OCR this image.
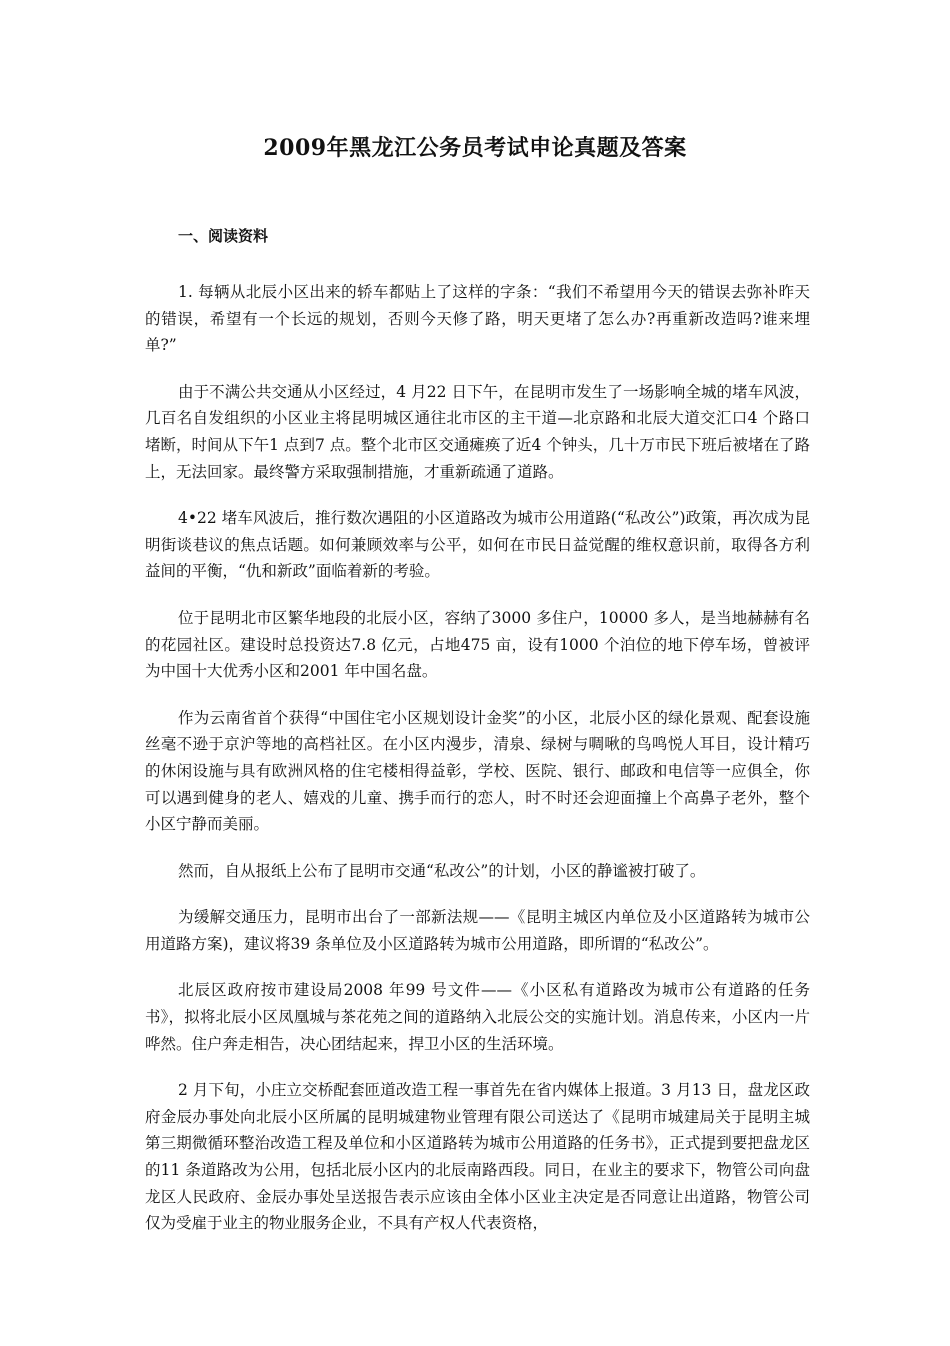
2009年黑龙江公务员考试申论真题及答案
一、阅读资料

1. 每辆从北辰小区出来的轿车都贴上了这样的字条：“我们不希望用今天的错误去弥补昨天的错误，希望有一个长远的规划，否则今天修了路，明天更堵了怎么办?再重新改造吗?谁来埋单?”

由于不满公共交通从小区经过，4 月22 日下午，在昆明市发生了一场影响全城的堵车风波，几百名自发组织的小区业主将昆明城区通往北市区的主干道—北京路和北辰大道交汇口4 个路口堵断，时间从下午1 点到7 点。整个北市区交通瘫痪了近4 个钟头，几十万市民下班后被堵在了路上，无法回家。最终警方采取强制措施，才重新疏通了道路。

4•22 堵车风波后，推行数次遇阻的小区道路改为城市公用道路(“私改公”)政策，再次成为昆明街谈巷议的焦点话题。如何兼顾效率与公平，如何在市民日益觉醒的维权意识前，取得各方利益间的平衡，“仇和新政”面临着新的考验。

位于昆明北市区繁华地段的北辰小区，容纳了3000 多住户，10000 多人，是当地赫赫有名的花园社区。建设时总投资达7.8 亿元，占地475 亩，设有1000 个泊位的地下停车场，曾被评为中国十大优秀小区和2001 年中国名盘。

作为云南省首个获得“中国住宅小区规划设计金奖”的小区，北辰小区的绿化景观、配套设施丝毫不逊于京沪等地的高档社区。在小区内漫步，清泉、绿树与啁啾的鸟鸣悦人耳目，设计精巧的休闲设施与具有欧洲风格的住宅楼相得益彰，学校、医院、银行、邮政和电信等一应俱全，你可以遇到健身的老人、嬉戏的儿童、携手而行的恋人，时不时还会迎面撞上个高鼻子老外，整个小区宁静而美丽。

然而，自从报纸上公布了昆明市交通“私改公”的计划，小区的静谧被打破了。

为缓解交通压力，昆明市出台了一部新法规——《昆明主城区内单位及小区道路转为城市公用道路方案)，建议将39 条单位及小区道路转为城市公用道路，即所谓的“私改公”。

北辰区政府按市建设局2008 年99 号文件——《小区私有道路改为城市公有道路的任务书》，拟将北辰小区凤凰城与茶花苑之间的道路纳入北辰公交的实施计划。消息传来，小区内一片哗然。住户奔走相告，决心团结起来，捍卫小区的生活环境。

2 月下旬，小庄立交桥配套匝道改造工程一事首先在省内媒体上报道。3 月13 日，盘龙区政府金辰办事处向北辰小区所属的昆明城建物业管理有限公司送达了《昆明市城建局关于昆明主城第三期微循环整治改造工程及单位和小区道路转为城市公用道路的任务书》，正式提到要把盘龙区的11 条道路改为公用，包括北辰小区内的北辰南路西段。同日，在业主的要求下，物管公司向盘龙区人民政府、金辰办事处呈送报告表示应该由全体小区业主决定是否同意让出道路，物管公司仅为受雇于业主的物业服务企业，不具有产权人代表资格，
